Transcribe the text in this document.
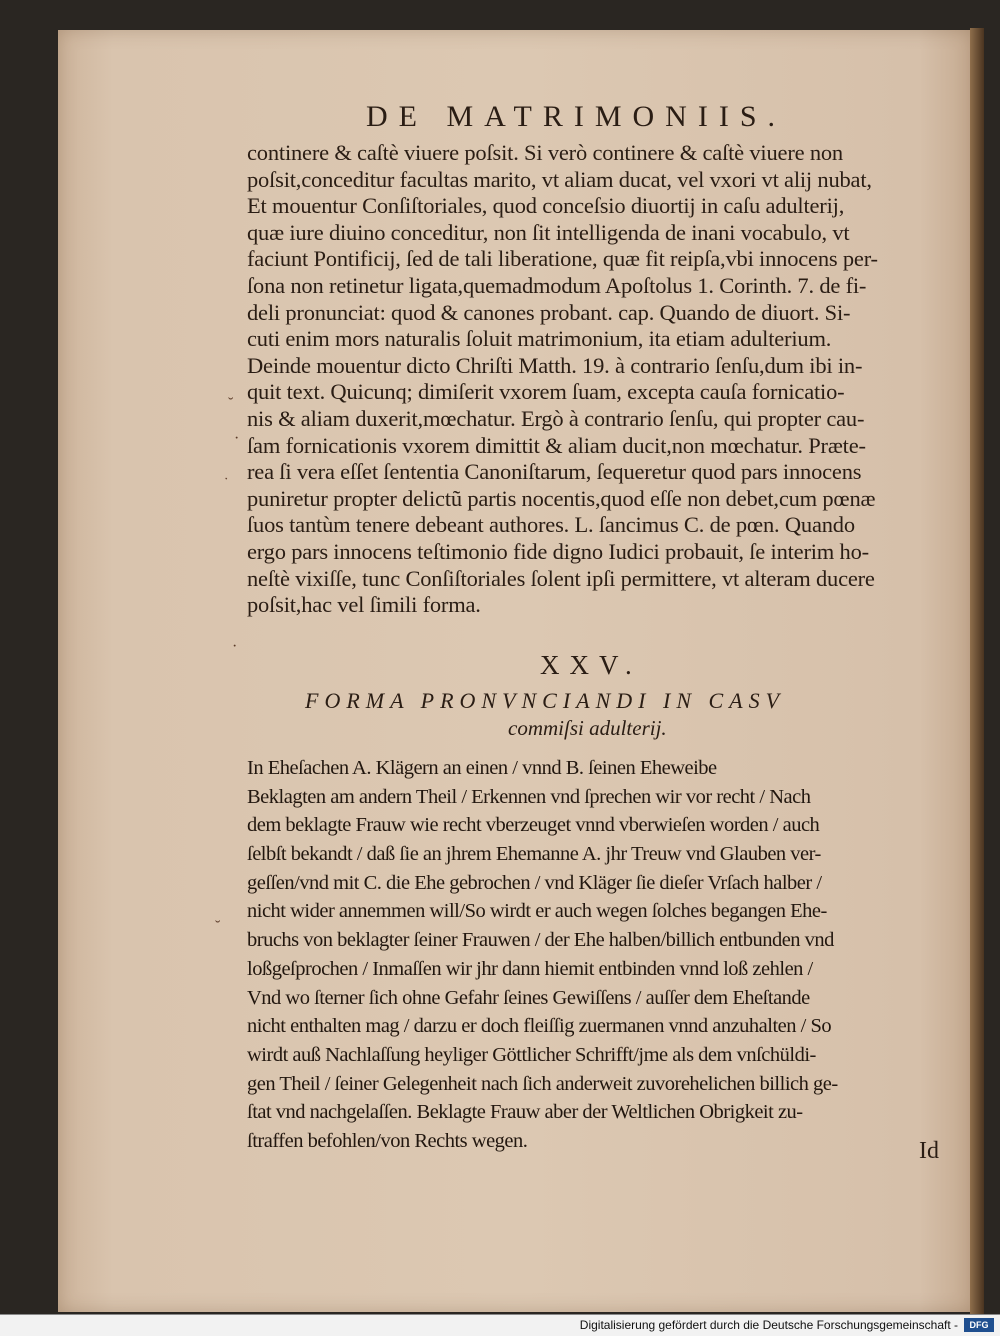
DE MATRIMONIIS.
continere & caſtè viuere poſsit. Si verò continere & caſtè viuere non
poſsit,conceditur facultas marito, vt aliam ducat, vel vxori vt alij nubat,
Et mouentur Conſiſtoriales, quod conceſsio diuortij in caſu adulterij,
quæ iure diuino conceditur, non ſit intelligenda de inani vocabulo, vt
faciunt Pontificij, ſed de tali liberatione, quæ fit reipſa,vbi innocens per-
ſona non retinetur ligata,quemadmodum Apoſtolus 1. Corinth. 7. de fi-
deli pronunciat: quod & canones probant. cap. Quando de diuort. Si-
cuti enim mors naturalis ſoluit matrimonium, ita etiam adulterium.
Deinde mouentur dicto Chriſti Matth. 19. à contrario ſenſu,dum ibi in-
quit text. Quicunq; dimiſerit vxorem ſuam, excepta cauſa fornicatio-
nis & aliam duxerit,mœchatur. Ergò à contrario ſenſu, qui propter cau-
ſam fornicationis vxorem dimittit & aliam ducit,non mœchatur. Præte-
rea ſi vera eſſet ſententia Canoniſtarum, ſequeretur quod pars innocens
puniretur propter delictũ partis nocentis,quod eſſe non debet,cum pœnæ
ſuos tantùm tenere debeant authores. L. ſancimus C. de pœn. Quando
ergo pars innocens teſtimonio fide digno Iudici probauit, ſe interim ho-
neſtè vixiſſe, tunc Conſiſtoriales ſolent ipſi permittere, vt alteram ducere
poſsit,hac vel ſimili forma.
XXV.
FORMA PRONVNCIANDI IN CASV
commiſsi adulterij.
In Eheſachen A. Klägern an einen / vnnd B. ſeinen Eheweibe
Beklagten am andern Theil / Erkennen vnd ſprechen wir vor recht / Nach
dem beklagte Frauw wie recht vberzeuget vnnd vberwieſen worden / auch
ſelbſt bekandt / daß ſie an jhrem Ehemanne A. jhr Treuw vnd Glauben ver-
geſſen/vnd mit C. die Ehe gebrochen / vnd Kläger ſie dieſer Vrſach halber /
nicht wider annemmen will/So wirdt er auch wegen ſolches begangen Ehe-
bruchs von beklagter ſeiner Frauwen / der Ehe halben/billich entbunden vnd
loßgeſprochen / Inmaſſen wir jhr dann hiemit entbinden vnnd loß zehlen /
Vnd wo ſterner ſich ohne Gefahr ſeines Gewiſſens / auſſer dem Eheſtande
nicht enthalten mag / darzu er doch fleiſſig zuermanen vnnd anzuhalten / So
wirdt auß Nachlaſſung heyliger Göttlicher Schrifft/jme als dem vnſchüldi-
gen Theil / ſeiner Gelegenheit nach ſich anderweit zuvorehelichen billich ge-
ſtat vnd nachgelaſſen. Beklagte Frauw aber der Weltlichen Obrigkeit zu-
ſtraffen befohlen/von Rechts wegen.	Id
˘
·
ˑ
·
˘
Digitalisierung gefördert durch die Deutsche Forschungsgemeinschaft -	DFG
